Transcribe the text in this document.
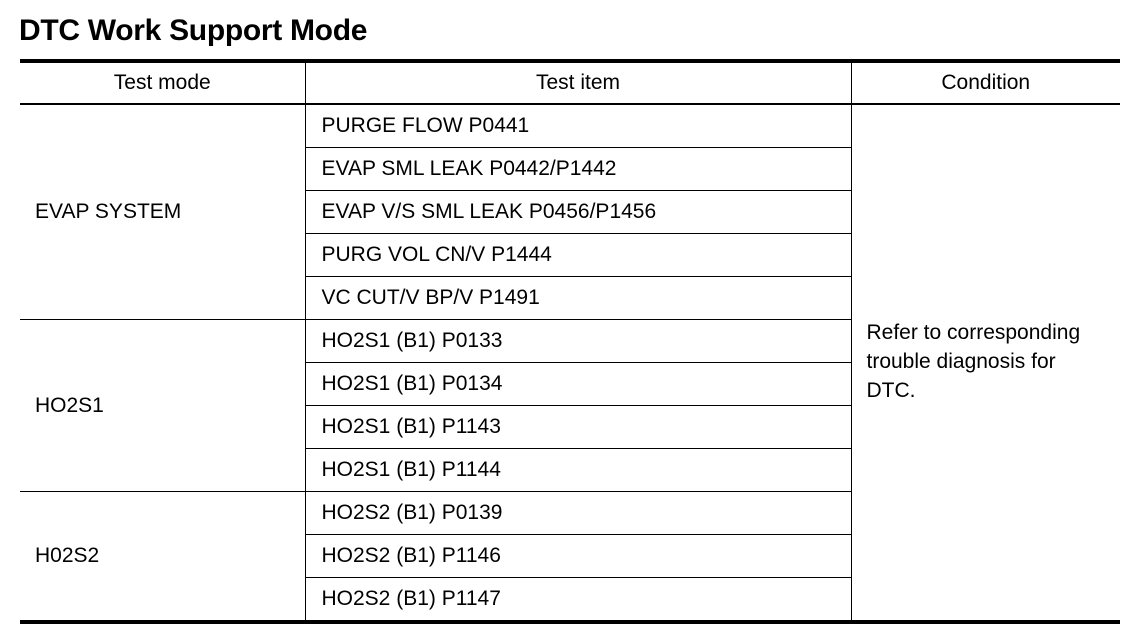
DTC Work Support Mode
Test mode	Test item	Condition
EVAP SYSTEM	PURGE FLOW P0441	Refer to corresponding trouble diagnosis for DTC.
	EVAP SML LEAK P0442/P1442	
	EVAP V/S SML LEAK P0456/P1456	
	PURG VOL CN/V P1444	
	VC CUT/V BP/V P1491	
HO2S1	HO2S1 (B1) P0133	
	HO2S1 (B1) P0134	
	HO2S1 (B1) P1143	
	HO2S1 (B1) P1144	
H02S2	HO2S2 (B1) P0139	
	HO2S2 (B1) P1146	
	HO2S2 (B1) P1147	
